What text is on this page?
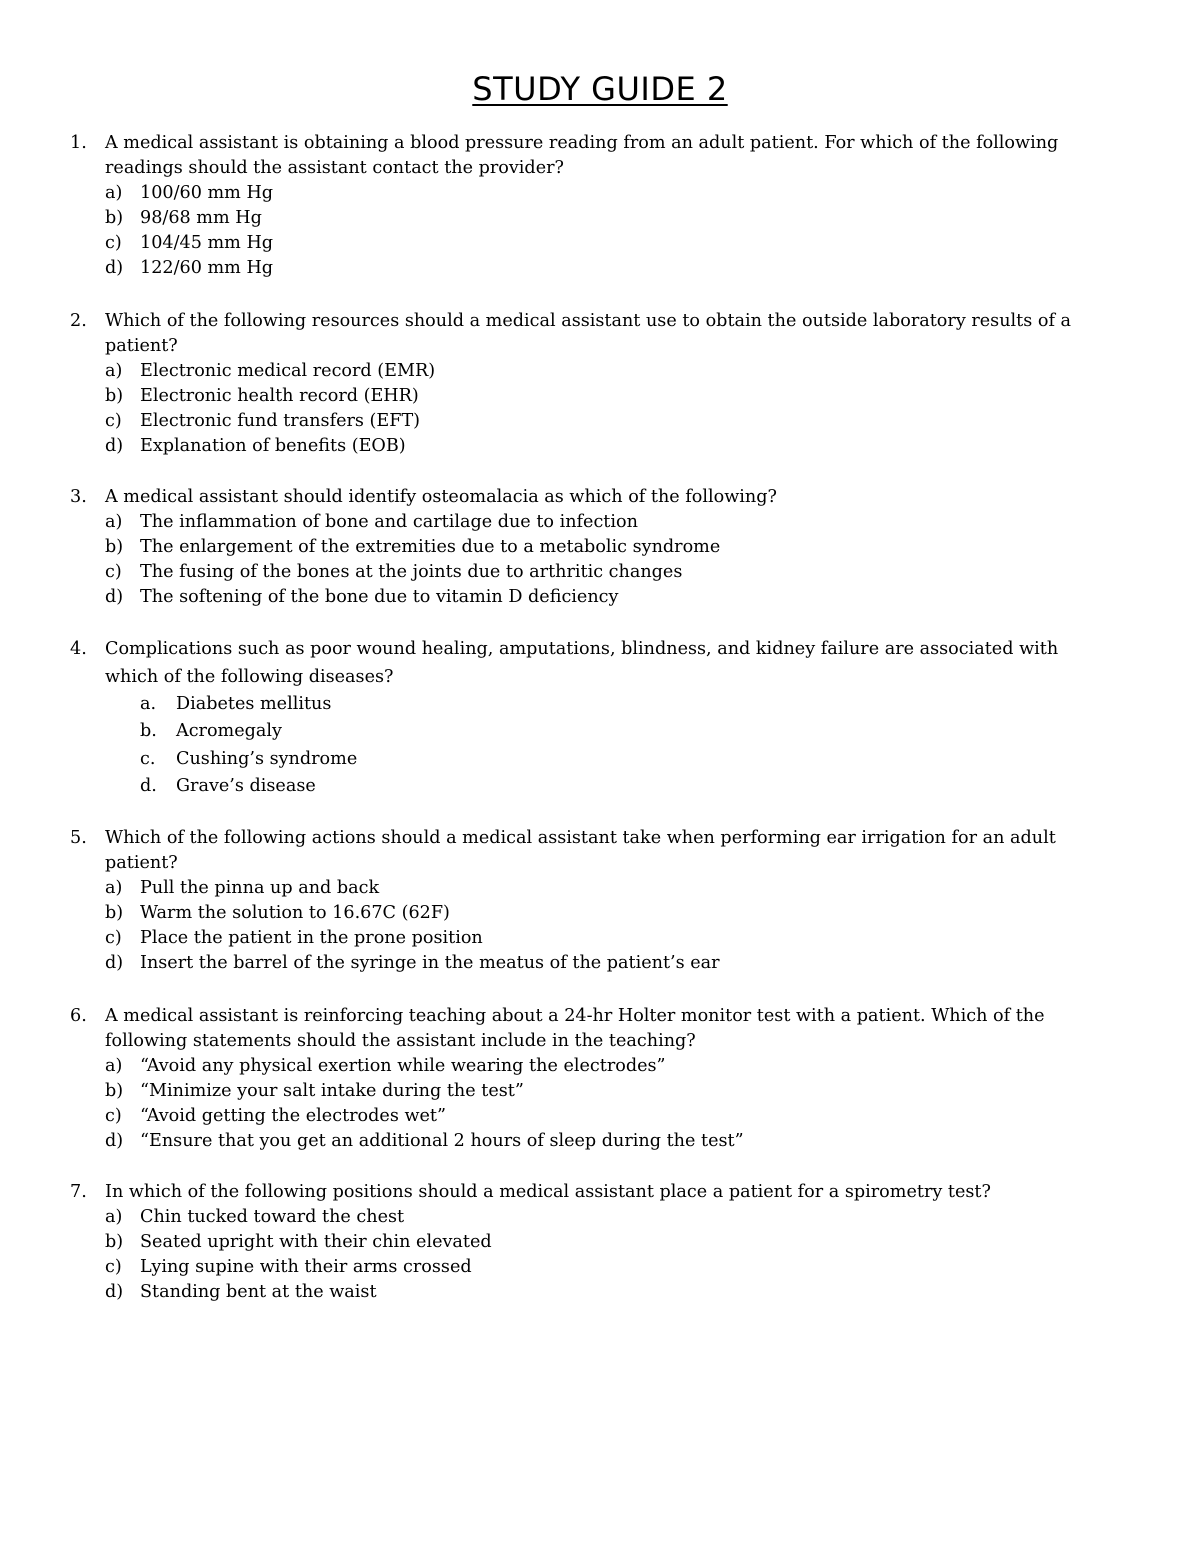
STUDY GUIDE 2
1. A medical assistant is obtaining a blood pressure reading from an adult patient. For which of the following
readings should the assistant contact the provider?
a) 100/60 mm Hg
b) 98/68 mm Hg
c) 104/45 mm Hg
d) 122/60 mm Hg
2. Which of the following resources should a medical assistant use to obtain the outside laboratory results of a
patient?
a) Electronic medical record (EMR)
b) Electronic health record (EHR)
c) Electronic fund transfers (EFT)
d) Explanation of benefits (EOB)
3. A medical assistant should identify osteomalacia as which of the following?
a) The inflammation of bone and cartilage due to infection
b) The enlargement of the extremities due to a metabolic syndrome
c) The fusing of the bones at the joints due to arthritic changes
d) The softening of the bone due to vitamin D deficiency
4. Complications such as poor wound healing, amputations, blindness, and kidney failure are associated with
which of the following diseases?
a. Diabetes mellitus
b. Acromegaly
c. Cushing’s syndrome
d. Grave’s disease
5. Which of the following actions should a medical assistant take when performing ear irrigation for an adult
patient?
a) Pull the pinna up and back
b) Warm the solution to 16.67C (62F)
c) Place the patient in the prone position
d) Insert the barrel of the syringe in the meatus of the patient’s ear
6. A medical assistant is reinforcing teaching about a 24-hr Holter monitor test with a patient. Which of the
following statements should the assistant include in the teaching?
a) “Avoid any physical exertion while wearing the electrodes”
b) “Minimize your salt intake during the test”
c) “Avoid getting the electrodes wet”
d) “Ensure that you get an additional 2 hours of sleep during the test”
7. In which of the following positions should a medical assistant place a patient for a spirometry test?
a) Chin tucked toward the chest
b) Seated upright with their chin elevated
c) Lying supine with their arms crossed
d) Standing bent at the waist
